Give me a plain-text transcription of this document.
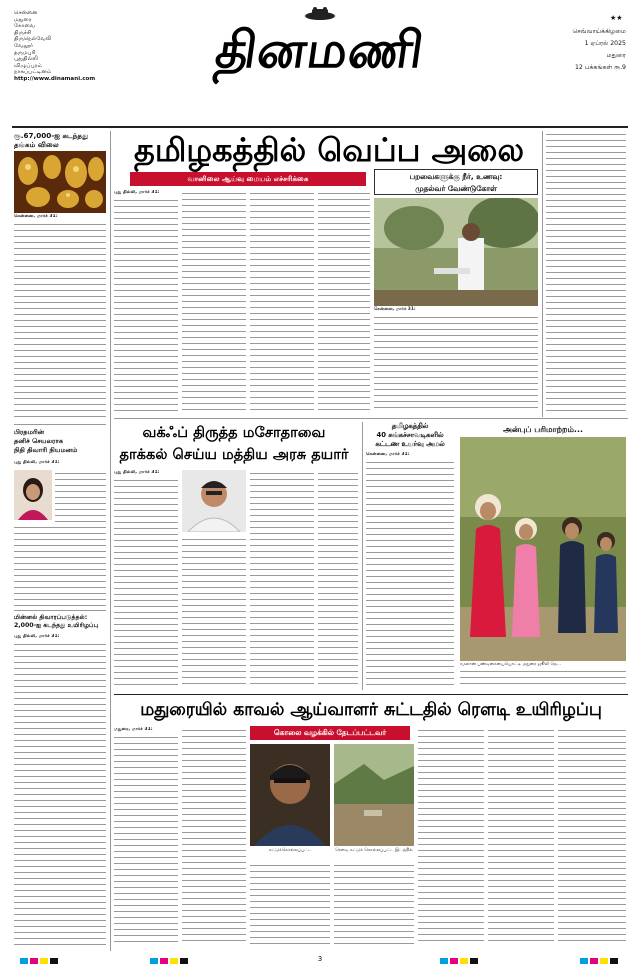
சென்னை
மதுரை
கோவை
திருச்சி
திருநெல்வேலி
வேலூர்
தருமபுரி
புதுதில்லி
விழுப்புரம்
நாகப்பட்டினம்
http://www.dinamani.com	தினமணி
★★
செவ்வாய்க்கிழமை
1 ஏப்ரல் 2025
மதுரை
12 பக்கங்கள் ரூ.9
ரூ.67,000-ஐ கடந்தது தங்கம் விலை
சென்னை, மார்ச் 31:
பிரதமரின்
தனிச் செயலராக
நிதி திவாரி நியமனம்
புது தில்லி, மார்ச் 31:
மின்னல் திவாரப்படுத்தல்:
2,000-ஐ கடந்தது உயிரிழப்பு
புது தில்லி, மார்ச் 31:
தமிழகத்தில் வெப்ப அலை
வானிலை ஆய்வு மையம் எச்சரிக்கை
புது தில்லி, மார்ச் 31:
பறவைகளுக்கு நீர், உணவு:
முதல்வர் வேண்டுகோள்
சென்னை, மார்ச் 31:
வக்ஃப் திருத்த மசோதாவை
தாக்கல் செய்ய மத்திய அரசு தயார்
புது தில்லி, மார்ச் 31:
தமிழகத்தில்
40 சுங்கச்சாவடிகளில்
கட்டண உயர்வு அமல்
சென்னை, மார்ச் 31:
அன்புப் பரிமாற்றம்...
ரமலான் பண்டிகையையொட்டி மதுரை ஜூலி தெ...
மதுரையில் காவல் ஆய்வாளர் சுட்டதில் ரௌடி உயிரிழப்பு
மதுரை, மார்ச் 31:	கொலை வழக்கில் தேடப்பட்டவர்
சுட்டுக்கொல்லப்பட்ட	ரௌடி சுட்டுக் கொல்லப்பட்ட இடத்தில்
3
